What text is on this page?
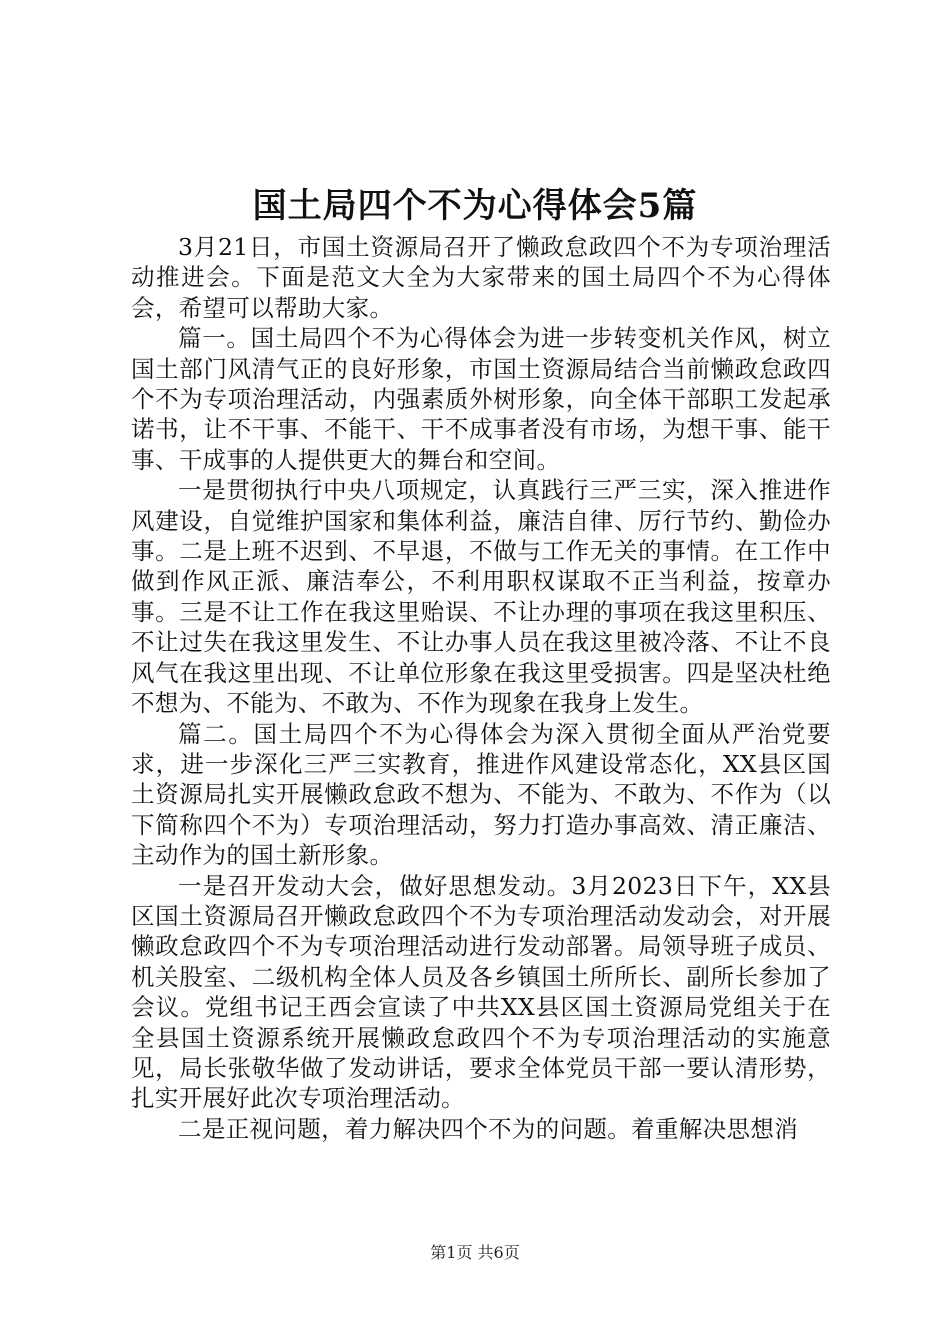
国土局四个不为心得体会5篇

3月21日，市国土资源局召开了懒政怠政四个不为专项治理活动推进会。下面是范文大全为大家带来的国土局四个不为心得体会，希望可以帮助大家。

篇一。国土局四个不为心得体会为进一步转变机关作风，树立国土部门风清气正的良好形象，市国土资源局结合当前懒政怠政四个不为专项治理活动，内强素质外树形象，向全体干部职工发起承诺书，让不干事、不能干、干不成事者没有市场，为想干事、能干事、干成事的人提供更大的舞台和空间。

一是贯彻执行中央八项规定，认真践行三严三实，深入推进作风建设，自觉维护国家和集体利益，廉洁自律、厉行节约、勤俭办事。二是上班不迟到、不早退，不做与工作无关的事情。在工作中做到作风正派、廉洁奉公，不利用职权谋取不正当利益，按章办事。三是不让工作在我这里贻误、不让办理的事项在我这里积压、不让过失在我这里发生、不让办事人员在我这里被冷落、不让不良风气在我这里出现、不让单位形象在我这里受损害。四是坚决杜绝不想为、不能为、不敢为、不作为现象在我身上发生。

篇二。国土局四个不为心得体会为深入贯彻全面从严治党要求，进一步深化三严三实教育，推进作风建设常态化，XX县区国土资源局扎实开展懒政怠政不想为、不能为、不敢为、不作为（以下简称四个不为）专项治理活动，努力打造办事高效、清正廉洁、主动作为的国土新形象。

一是召开发动大会，做好思想发动。3月2023日下午，XX县区国土资源局召开懒政怠政四个不为专项治理活动发动会，对开展懒政怠政四个不为专项治理活动进行发动部署。局领导班子成员、机关股室、二级机构全体人员及各乡镇国土所所长、副所长参加了会议。党组书记王西会宣读了中共XX县区国土资源局党组关于在全县国土资源系统开展懒政怠政四个不为专项治理活动的实施意见，局长张敬华做了发动讲话，要求全体党员干部一要认清形势，扎实开展好此次专项治理活动。

二是正视问题，着力解决四个不为的问题。着重解决思想消

第1页 共6页
